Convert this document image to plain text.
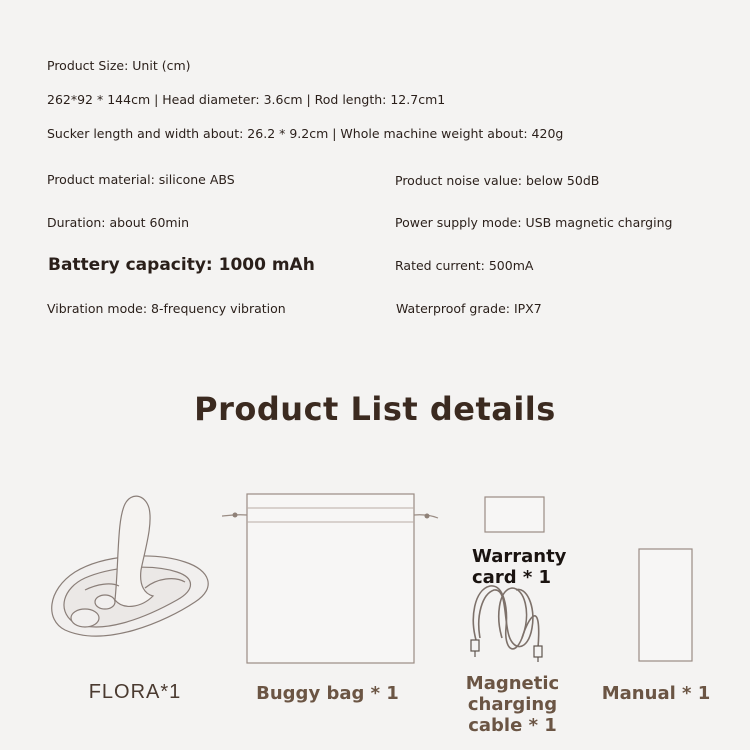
Product Size: Unit (cm)
262*92 * 144cm | Head diameter: 3.6cm | Rod length: 12.7cm1
Sucker length and width about: 26.2 * 9.2cm | Whole machine weight about: 420g
Product material: silicone ABS	Product noise value: below 50dB
Duration: about 60min	Power supply mode: USB magnetic charging
Battery capacity: 1000 mAh	Rated current: 500mA
Vibration mode: 8-frequency vibration	Waterproof grade: IPX7
Product List details
FLORA*1	Buggy bag * 1
Warranty
card * 1
Magnetic charging
cable * 1
Manual * 1
